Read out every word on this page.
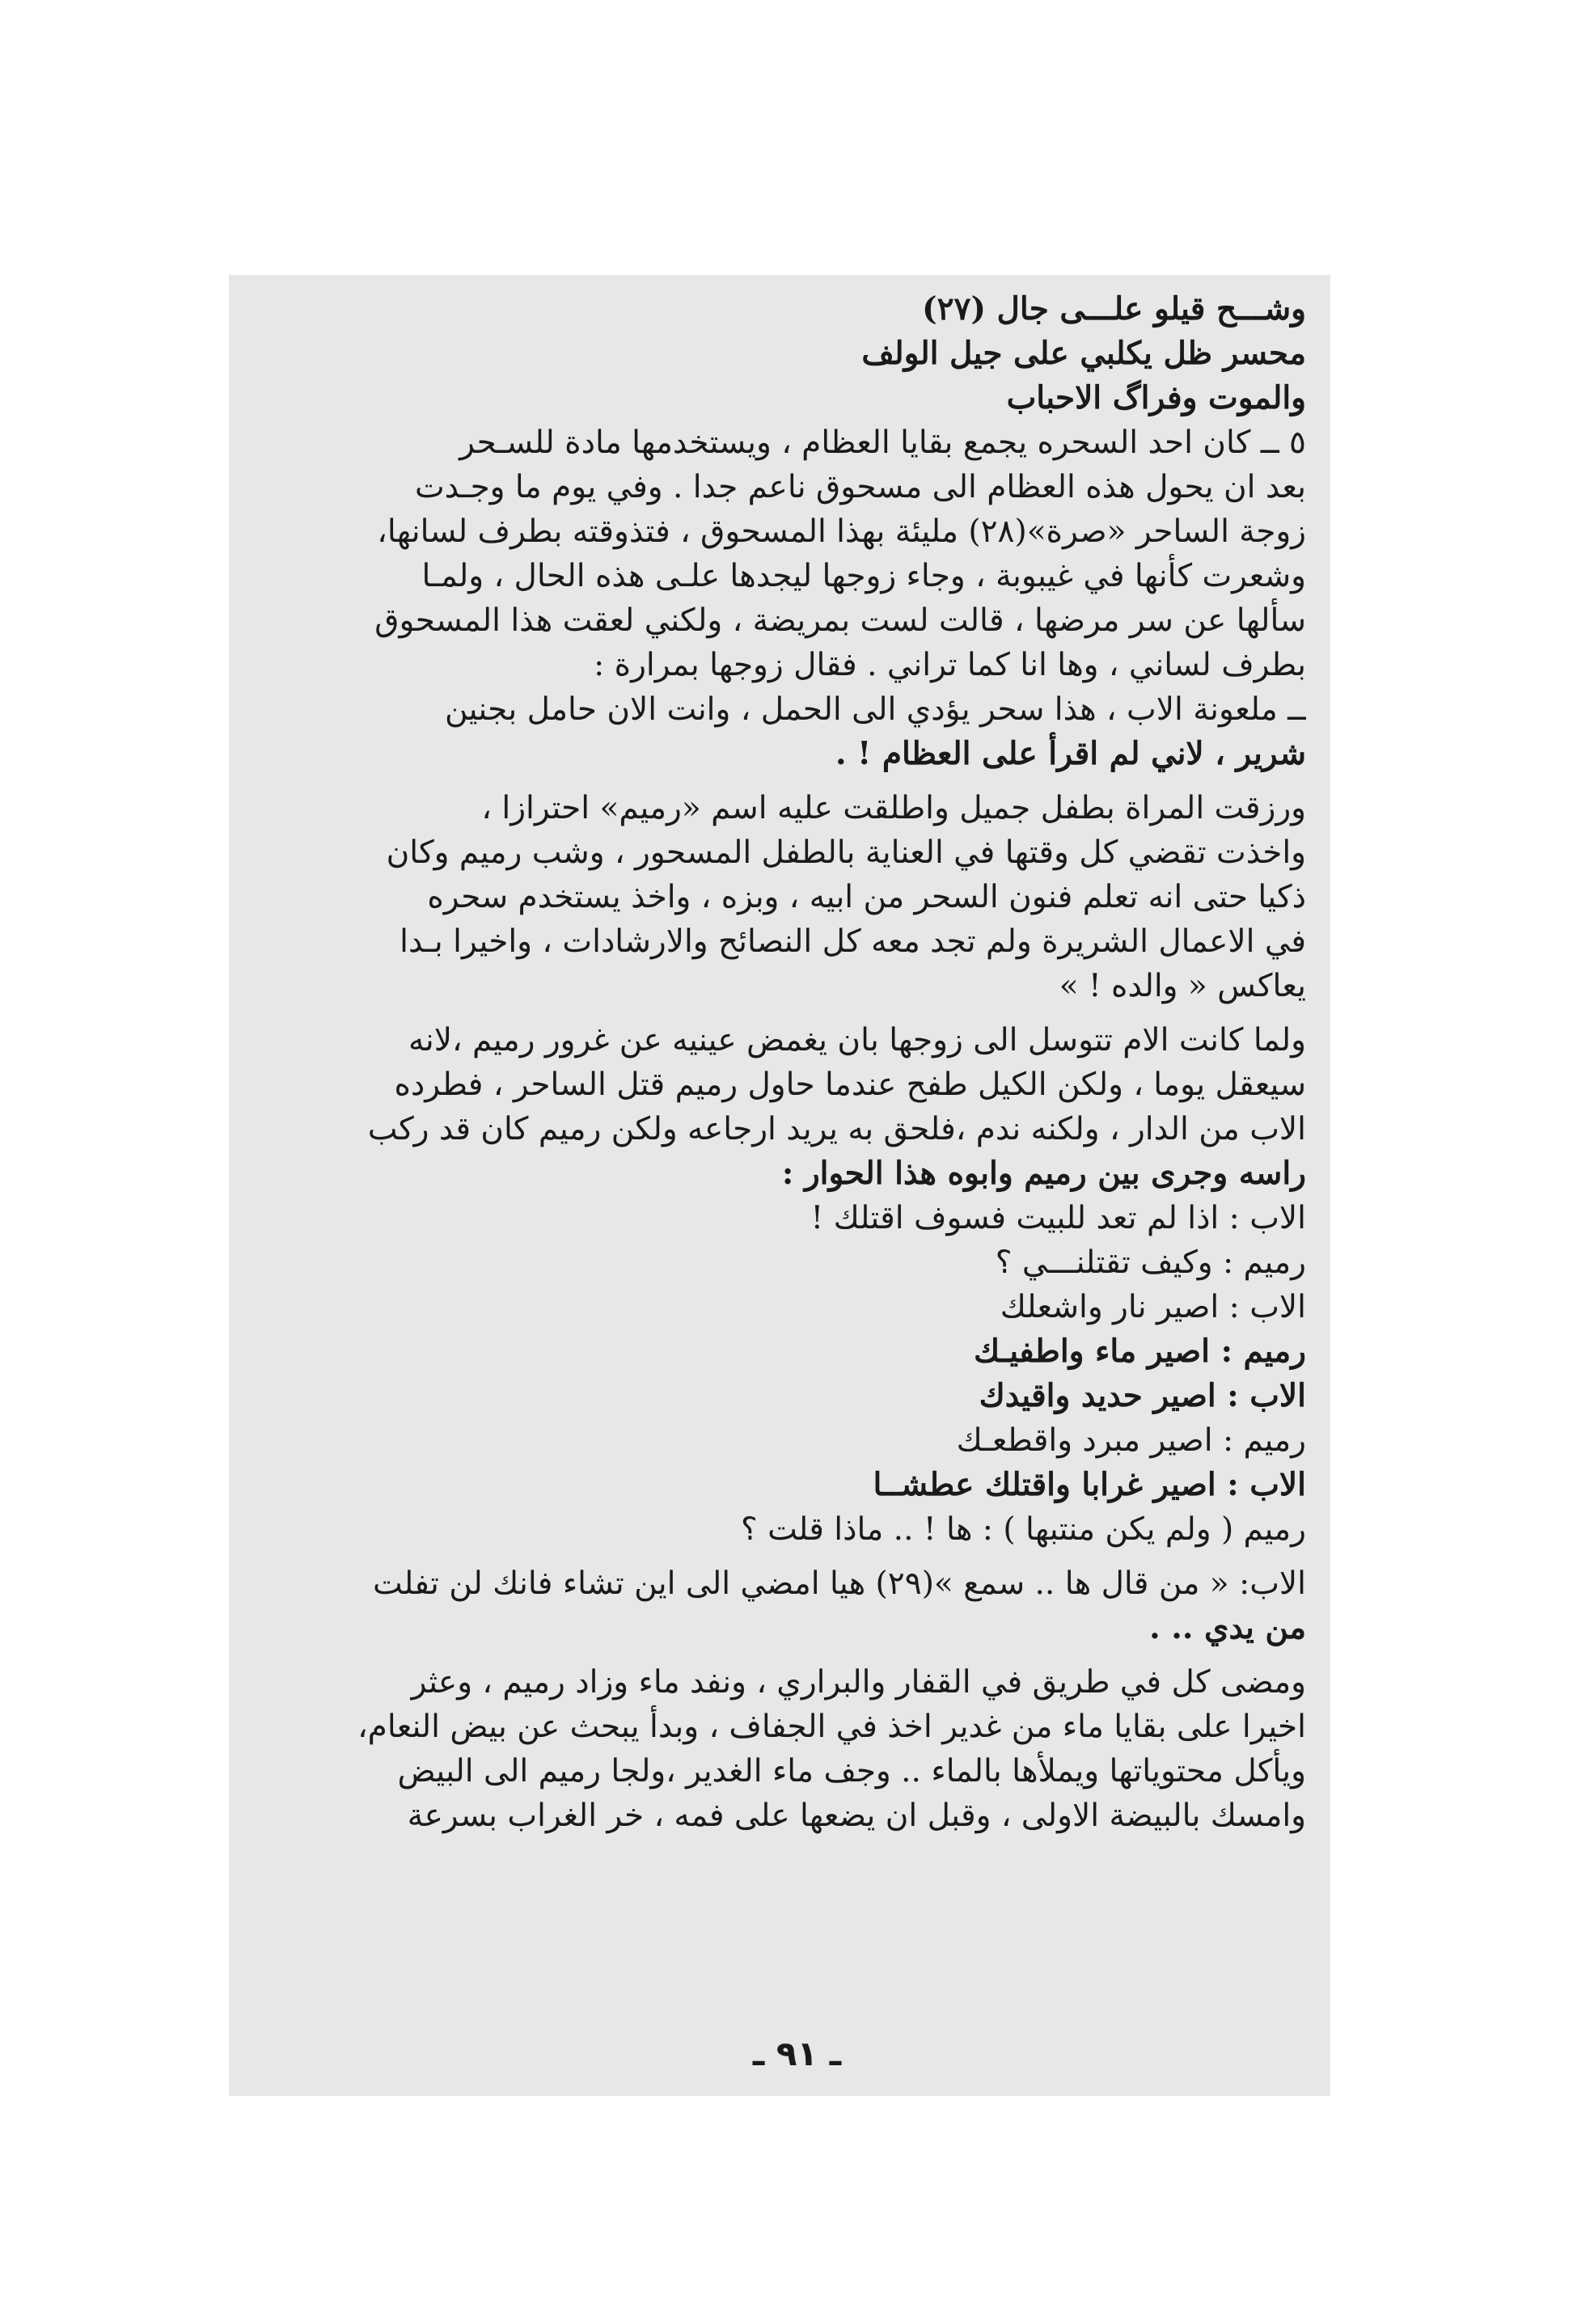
وشـــح قيلو علـــى جال (٢٧)
محسر ظل يكلبي على جيل الولف
والموت وفراگ الاحباب
٥ ــ كان احد السحره يجمع بقايا العظام ، ويستخدمها مادة للسـحر
بعد ان يحول هذه العظام الى مسحوق ناعم جدا . وفي يوم ما وجـدت
زوجة الساحر «صرة»(٢٨) مليئة بهذا المسحوق ، فتذوقته بطرف لسانها،
وشعرت كأنها في غيبوبة ، وجاء زوجها ليجدها علـى هذه الحال ، ولمـا
سألها عن سر مرضها ، قالت لست بمريضة ، ولكني لعقت هذا المسحوق
بطرف لساني ، وها انا كما تراني . فقال زوجها بمرارة :
ــ ملعونة الاب ، هذا سحر يؤدي الى الحمل ، وانت الان حامل بجنين
شرير ، لاني لم اقرأ على العظام ! .
ورزقت المراة بطفل جميل واطلقت عليه اسم «رميم» احترازا ،
واخذت تقضي كل وقتها في العناية بالطفل المسحور ، وشب رميم وكان
ذكيا حتى انه تعلم فنون السحر من ابيه ، وبزه ، واخذ يستخدم سحره
في الاعمال الشريرة ولم تجد معه كل النصائح والارشادات ، واخيرا بـدا
يعاكس « والده ! »
ولما كانت الام تتوسل الى زوجها بان يغمض عينيه عن غرور رميم ،لانه
سيعقل يوما ، ولكن الكيل طفح عندما حاول رميم قتل الساحر ، فطرده
الاب من الدار ، ولكنه ندم ،فلحق به يريد ارجاعه ولكن رميم كان قد ركب
راسه وجرى بين رميم وابوه هذا الحوار :
الاب : اذا لم تعد للبيت فسوف اقتلك !
رميم : وكيف تقتلنـــي ؟
الاب : اصير نار واشعلك
رميم : اصير ماء واطفيـك
الاب : اصير حديد واقيدك
رميم : اصير مبرد واقطعـك
الاب : اصير غرابا واقتلك عطشــا
رميم ( ولم يكن منتبها ) : ها ! .. ماذا قلت ؟
الاب: « من قال ها .. سمع »(٢٩) هيا امضي الى اين تشاء فانك لن تفلت
من يدي .. .
ومضى كل في طريق في القفار والبراري ، ونفد ماء وزاد رميم ، وعثر
اخيرا على بقايا ماء من غدير اخذ في الجفاف ، وبدأ يبحث عن بيض النعام،
ويأكل محتوياتها ويملأها بالماء .. وجف ماء الغدير ،ولجا رميم الى البيض
وامسك بالبيضة الاولى ، وقبل ان يضعها على فمه ، خر الغراب بسرعة
ـ ٩١ ـ
